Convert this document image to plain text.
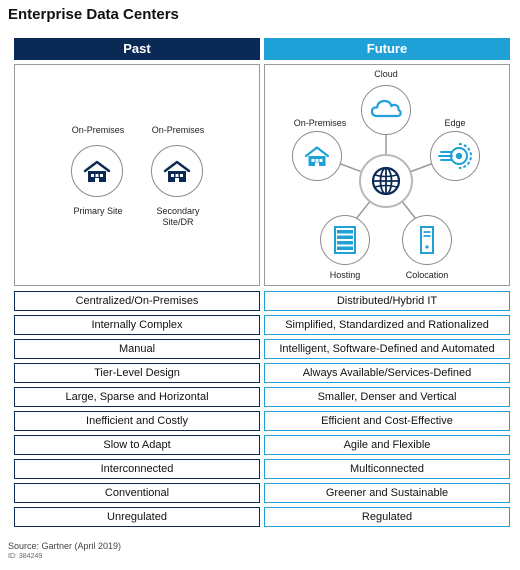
Enterprise Data Centers
Past	Future
On-Premises	On-Premises
Primary Site	Secondary
Site/DR
Cloud
On-Premises	Edge
Hosting	Colocation
Centralized/On-Premises	Distributed/Hybrid IT
Internally Complex	Simplified, Standardized and Rationalized
Manual	Intelligent, Software-Defined and Automated
Tier-Level Design	Always Available/Services-Defined
Large, Sparse and Horizontal	Smaller, Denser and Vertical
Inefficient and Costly	Efficient and Cost-Effective
Slow to Adapt	Agile and Flexible
Interconnected	Multiconnected
Conventional	Greener and Sustainable
Unregulated	Regulated
Source: Gartner (April 2019)
ID: 384249
